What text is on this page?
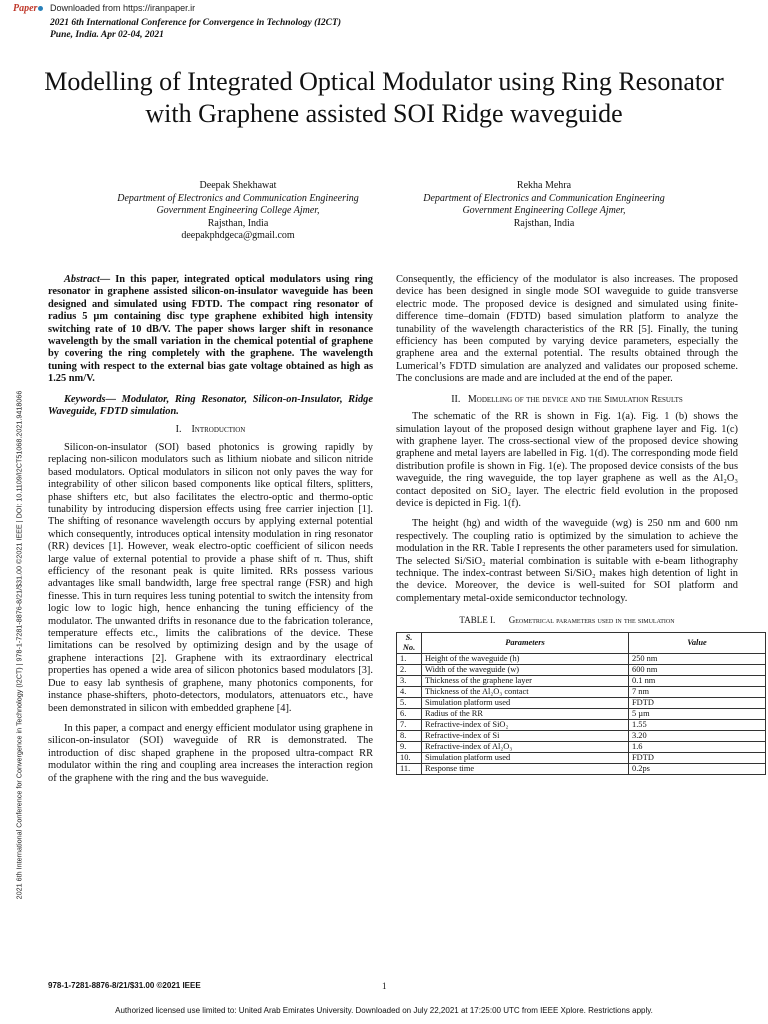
Paper	Downloaded from https://iranpaper.ir
2021 6th International Conference for Convergence in Technology (I2CT)
Pune, India. Apr 02-04, 2021
Modelling of Integrated Optical Modulator using Ring Resonator with Graphene assisted SOI Ridge waveguide
Deepak Shekhawat
Department of Electronics and Communication Engineering
Government Engineering College Ajmer,
Rajsthan, India
deepakphdgeca@gmail.com
Rekha Mehra
Department of Electronics and Communication Engineering
Government Engineering College Ajmer,
Rajsthan, India
2021 6th International Conference for Convergence in Technology (I2CT) | 978-1-7281-8876-8/21/$31.00 ©2021 IEEE | DOI: 10.1109/I2CT51068.2021.9418066

Abstract— In this paper, integrated optical modulators using ring resonator in graphene assisted silicon-on-insulator waveguide has been designed and simulated using FDTD. The compact ring resonator of radius 5 µm containing disc type graphene exhibited high intensity switching rate of 10 dB/V. The paper shows larger shift in resonance wavelength by the small variation in the chemical potential of graphene by covering the ring completely with the graphene. The wavelength tuning with respect to the external bias gate voltage obtained as high as 1.25 nm/V.

Keywords— Modulator, Ring Resonator, Silicon-on-Insulator, Ridge Waveguide, FDTD simulation.

I. Introduction

Silicon-on-insulator (SOI) based photonics is growing rapidly by replacing non-silicon modulators such as lithium niobate and silicon nitride based modulators. Optical modulators in silicon not only paves the way for integrability of other silicon based components like optical filters, splitters, phase shifters etc, but also facilitates the electro-optic and thermo-optic tunability by introducing dispersion effects using free carrier injection [1]. The shifting of resonance wavelength occurs by applying external potential which consequently, introduces optical intensity modulation in ring resonator (RR) devices [1]. However, weak electro-optic coefficient of silicon needs large value of external potential to provide a phase shift of π. Thus, shift efficiency of the resonant peak is quite limited. RRs possess various advantages like small bandwidth, large free spectral range (FSR) and high finesse. This in turn requires less tuning potential to switch the intensity from logic low to logic high, hence enhancing the tuning efficiency of the modulator. The unwanted drifts in resonance due to the fabrication tolerance, temperature effects etc., limits the calibrations of the device. These limitations can be resolved by optimizing design and by the usage of graphene interactions [2]. Graphene with its extraordinary electrical properties has opened a wide area of silicon photonics based modulators [3]. Due to easy lab synthesis of graphene, many photonics components, for instance phase-shifters, photo-detectors, modulators, attenuators etc., have been demonstrated in silicon with embedded graphene [4].

In this paper, a compact and energy efficient modulator using graphene in silicon-on-insulator (SOI) waveguide of RR is demonstrated. The introduction of disc shaped graphene in the proposed ultra-compact RR modulator within the ring and coupling area increases the interaction region of the graphene with the ring and the bus waveguide.

Consequently, the efficiency of the modulator is also increases. The proposed device has been designed in single mode SOI waveguide to guide transverse electric mode. The proposed device is designed and simulated using finite-difference time–domain (FDTD) based simulation platform to analyze the tunability of the wavelength characteristics of the RR [5]. Finally, the tuning efficiency has been computed by varying device parameters, especially the graphene area and the external potential. The results obtained through the Lumerical’s FDTD simulation are analyzed and validates our proposed scheme. The conclusions are made and are included at the end of the paper.

II. Modelling of the device and the Simulation Results

The schematic of the RR is shown in Fig. 1(a). Fig. 1 (b) shows the simulation layout of the proposed design without graphene layer and Fig. 1(c) with graphene layer. The cross-sectional view of the proposed device showing graphene and metal layers are labelled in Fig. 1(d). The corresponding mode field distribution profile is shown in Fig. 1(e). The proposed device consists of the bus waveguide, the ring waveguide, the top layer graphene as well as the Al₂O₃ contact deposited on SiO₂ layer. The electric field evolution in the proposed device is depicted in Fig. 1(f).

The height (hg) and width of the waveguide (wg) is 250 nm and 600 nm respectively. The coupling ratio is optimized by the simulation to achieve the modulation in the RR. Table I represents the other parameters used for simulation. The selected Si/SiO₂ material combination is suitable with e-beam lithography technique. The index-contrast between Si/SiO₂ makes high detention of light in the device. Moreover, the device is well-suited for SOI platform and complementary metal-oxide semiconductor technology.

TABLE I. Geometrical parameters used in the simulation
S. No.	Parameters	Value
1.	Height of the waveguide (h)	250 nm
2.	Width of the waveguide (w)	600 nm
3.	Thickness of the graphene layer	0.1 nm
4.	Thickness of the Al₂O₃ contact	7 nm
5.	Simulation platform used	FDTD
6.	Radius of the RR	5 µm
7.	Refractive-index of SiO₂	1.55
8.	Refractive-index of Si	3.20
9.	Refractive-index of Al₂O₃	1.6
10.	Simulation platform used	FDTD
11.	Response time	0.2ps
978-1-7281-8876-8/21/$31.00 ©2021 IEEE	1
Authorized licensed use limited to: United Arab Emirates University. Downloaded on July 22,2021 at 17:25:00 UTC from IEEE Xplore. Restrictions apply.
